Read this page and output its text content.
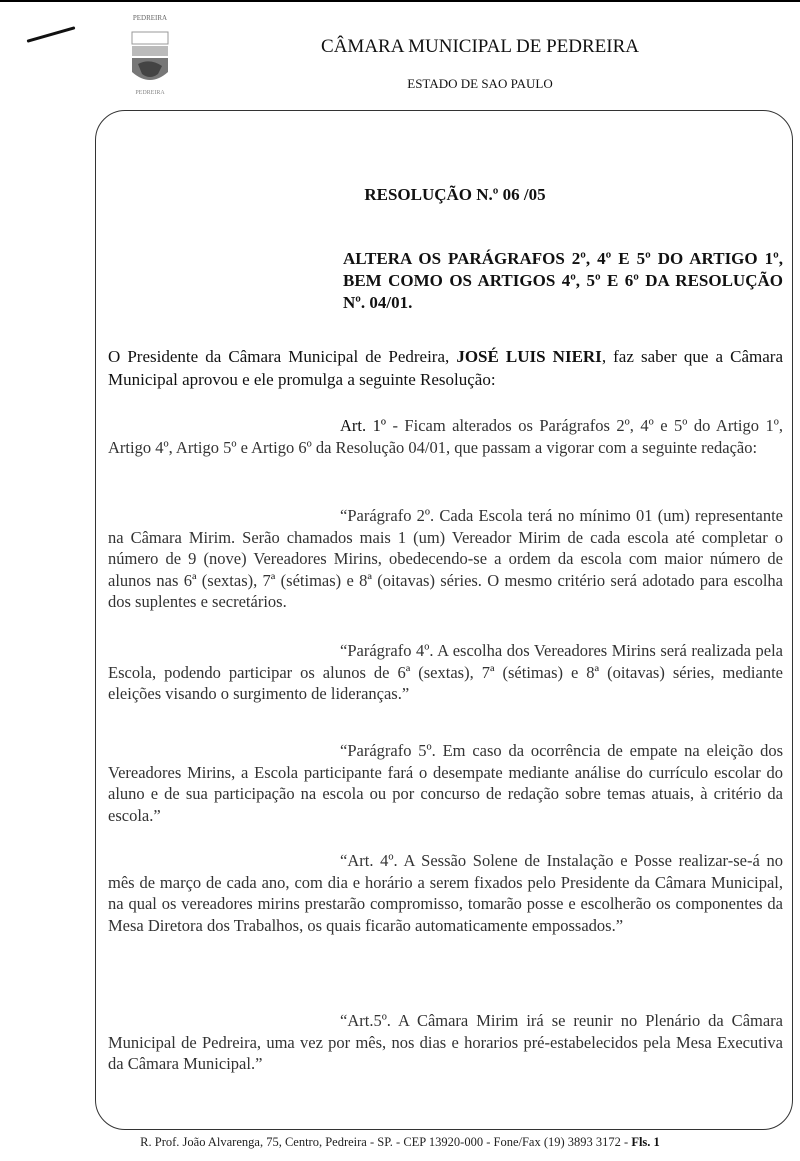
PEDREIRA
PEDREIRA
CÂMARA MUNICIPAL DE PEDREIRA
ESTADO DE SAO PAULO
RESOLUÇÃO N.º 06 /05
ALTERA OS PARÁGRAFOS 2º, 4º E 5º DO ARTIGO 1º, BEM COMO OS ARTIGOS 4º, 5º E 6º DA RESOLUÇÃO Nº. 04/01.
O Presidente da Câmara Municipal de Pedreira, JOSÉ LUIS NIERI, faz saber que a Câmara Municipal aprovou e ele promulga a seguinte Resolução:
Art. 1º - Ficam alterados os Parágrafos 2º, 4º e 5º do Artigo 1º, Artigo 4º, Artigo 5º e Artigo 6º da Resolução 04/01, que passam a vigorar com a seguinte redação:
“Parágrafo 2º. Cada Escola terá no mínimo 01 (um) representante na Câmara Mirim. Serão chamados mais 1 (um) Vereador Mirim de cada escola até completar o número de 9 (nove) Vereadores Mirins, obedecendo-se a ordem da escola com maior número de alunos nas 6ª (sextas), 7ª (sétimas) e 8ª (oitavas) séries. O mesmo critério será adotado para escolha dos suplentes e secretários.
“Parágrafo 4º. A escolha dos Vereadores Mirins será realizada pela Escola, podendo participar os alunos de 6ª (sextas), 7ª (sétimas) e 8ª (oitavas) séries, mediante eleições visando o surgimento de lideranças.”
“Parágrafo 5º. Em caso da ocorrência de empate na eleição dos Vereadores Mirins, a Escola participante fará o desempate mediante análise do currículo escolar do aluno e de sua participação na escola ou por concurso de redação sobre temas atuais, à critério da escola.”
“Art. 4º. A Sessão Solene de Instalação e Posse realizar-se-á no mês de março de cada ano, com dia e horário a serem fixados pelo Presidente da Câmara Municipal, na qual os vereadores mirins prestarão compromisso, tomarão posse e escolherão os componentes da Mesa Diretora dos Trabalhos, os quais ficarão automaticamente empossados.”
“Art.5º. A Câmara Mirim irá se reunir no Plenário da Câmara Municipal de Pedreira, uma vez por mês, nos dias e horarios pré-estabelecidos pela Mesa Executiva da Câmara Municipal.”
R. Prof. João Alvarenga, 75, Centro, Pedreira - SP. - CEP 13920-000 - Fone/Fax (19) 3893 3172 - Fls. 1
